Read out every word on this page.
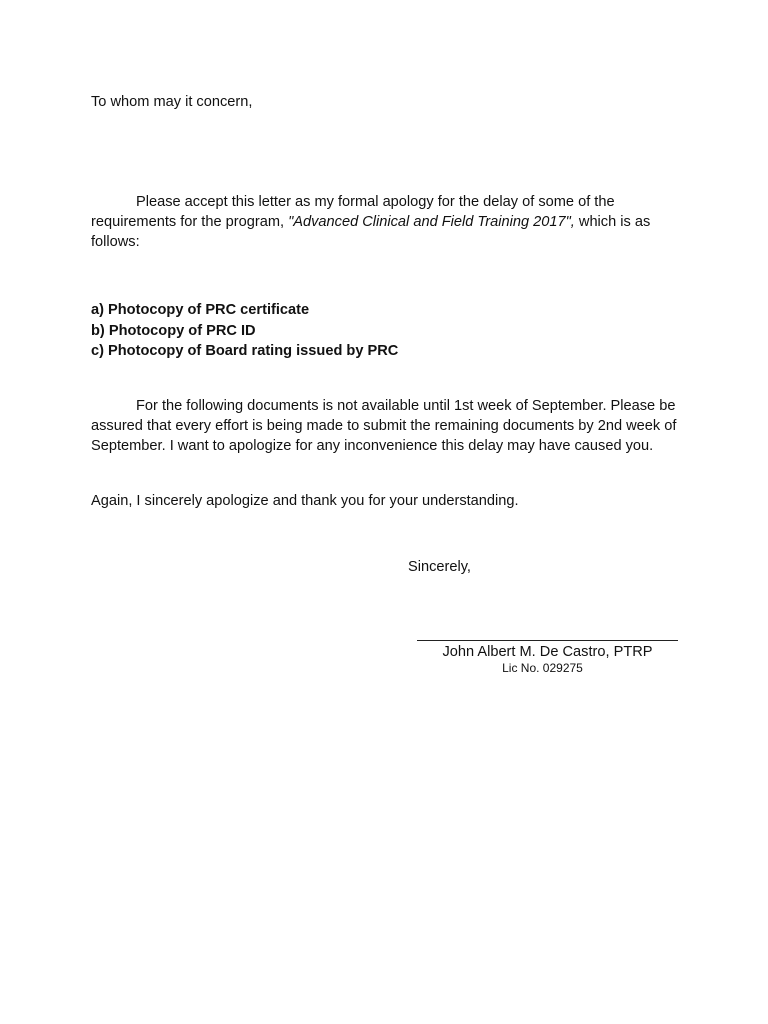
To whom may it concern,

Please accept this letter as my formal apology for the delay of some of the requirements for the program, "Advanced Clinical and Field Training 2017", which is as follows:

a) Photocopy of PRC certificate
b) Photocopy of PRC ID
c) Photocopy of Board rating issued by PRC

For the following documents is not available until 1st week of September. Please be assured that every effort is being made to submit the remaining documents by 2nd week of September. I want to apologize for any inconvenience this delay may have caused you.

Again, I sincerely apologize and thank you for your understanding.

Sincerely,

John Albert M. De Castro, PTRP

Lic No. 029275
